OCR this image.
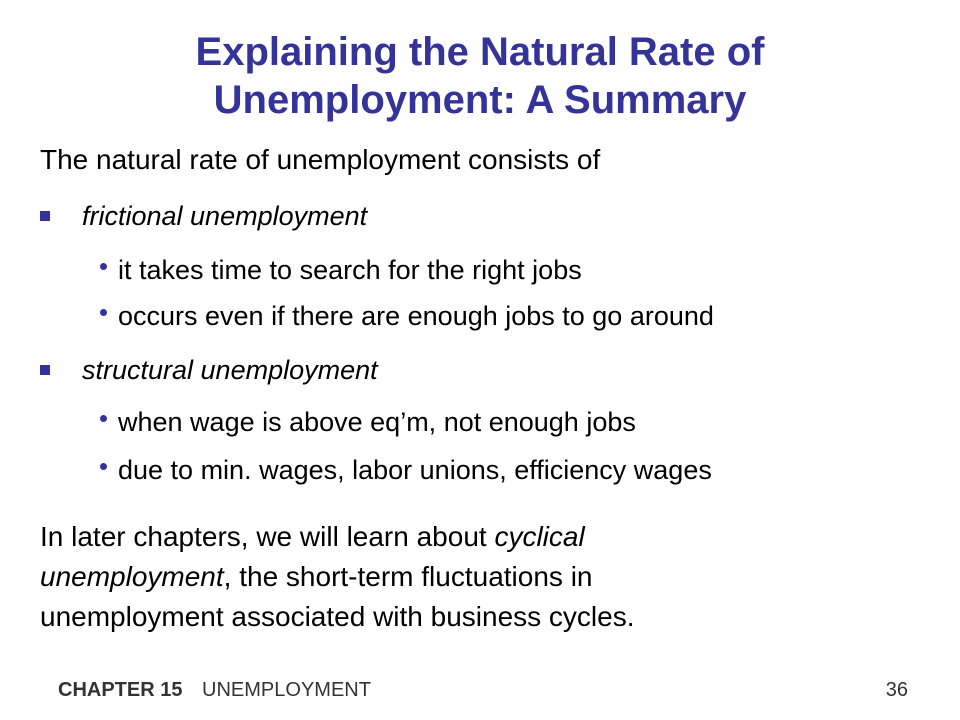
Explaining the Natural Rate of
Unemployment: A Summary
The natural rate of unemployment consists of
frictional unemployment
it takes time to search for the right jobs
occurs even if there are enough jobs to go around
structural unemployment
when wage is above eq’m, not enough jobs
due to min. wages, labor unions, efficiency wages

In later chapters, we will learn about cyclical

unemployment, the short-term fluctuations in

unemployment associated with business cycles.

CHAPTER 15 UNEMPLOYMENT	36
